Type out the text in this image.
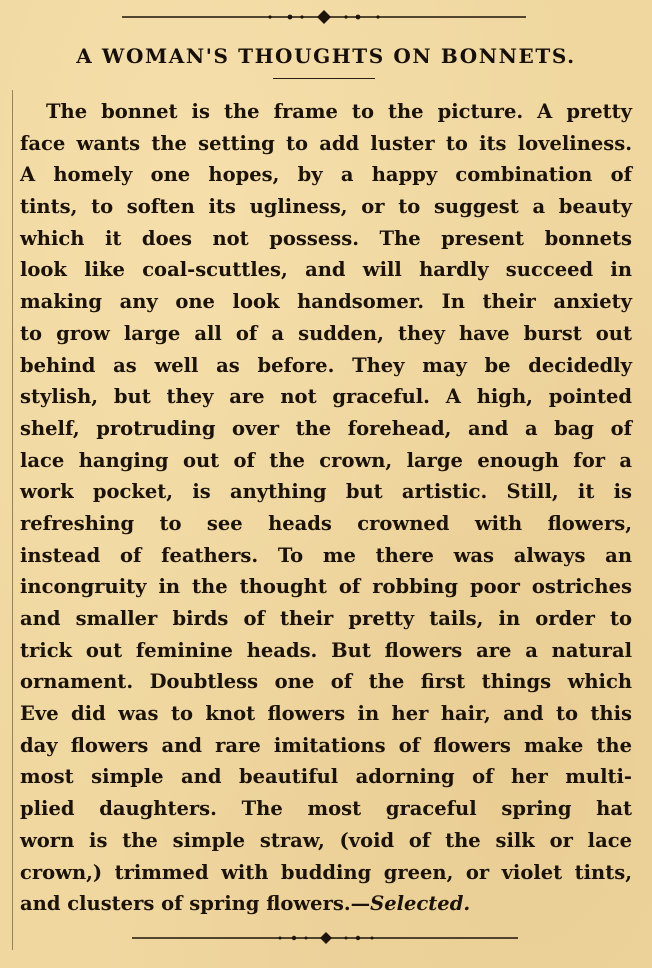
A WOMAN'S THOUGHTS ON BONNETS.
The bonnet is the frame to the picture. A pretty
face wants the setting to add luster to its loveliness.
A homely one hopes, by a happy combination of
tints, to soften its ugliness, or to suggest a beauty
which it does not possess. The present bonnets
look like coal-scuttles, and will hardly succeed in
making any one look handsomer. In their anxiety
to grow large all of a sudden, they have burst out
behind as well as before. They may be decidedly
stylish, but they are not graceful. A high, pointed
shelf, protruding over the forehead, and a bag of
lace hanging out of the crown, large enough for a
work pocket, is anything but artistic. Still, it is
refreshing to see heads crowned with flowers,
instead of feathers. To me there was always an
incongruity in the thought of robbing poor ostriches
and smaller birds of their pretty tails, in order to
trick out feminine heads. But flowers are a natural
ornament. Doubtless one of the first things which
Eve did was to knot flowers in her hair, and to this
day flowers and rare imitations of flowers make the
most simple and beautiful adorning of her multi-
plied daughters. The most graceful spring hat
worn is the simple straw, (void of the silk or lace
crown,) trimmed with budding green, or violet tints,
and clusters of spring flowers.—Selected.
